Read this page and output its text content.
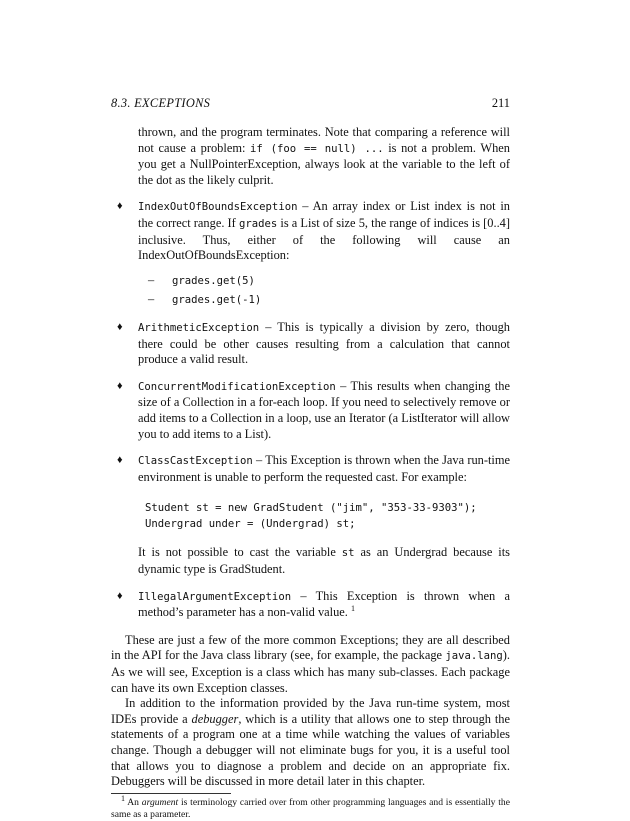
8.3. EXCEPTIONS	211

thrown, and the program terminates. Note that comparing a reference will not cause a problem: if (foo == null) ... is not a problem. When you get a NullPointerException, always look at the variable to the left of the dot as the likely culprit.

♦ IndexOutOfBoundsException – An array index or List index is not in the correct range. If grades is a List of size 5, the range of indices is [0..4] inclusive. Thus, either of the following will cause an IndexOutOfBoundsException:

– grades.get(5)
– grades.get(-1)
♦ ArithmeticException – This is typically a division by zero, though there could be other causes resulting from a calculation that cannot produce a valid result.

♦ ConcurrentModificationException – This results when changing the size of a Collection in a for-each loop. If you need to selectively remove or add items to a Collection in a loop, use an Iterator (a ListIterator will allow you to add items to a List).

♦ ClassCastException – This Exception is thrown when the Java run-time environment is unable to perform the requested cast. For example:

Student st = new GradStudent ("jim", "353-33-9303");
Undergrad under = (Undergrad) st;

It is not possible to cast the variable st as an Undergrad because its dynamic type is GradStudent.

♦ IllegalArgumentException – This Exception is thrown when a method’s parameter has a non-valid value. $^1$

These are just a few of the more common Exceptions; they are all described in the API for the Java class library (see, for example, the package java.lang). As we will see, Exception is a class which has many sub-classes. Each package can have its own Exception classes.

In addition to the information provided by the Java run-time system, most IDEs provide a debugger, which is a utility that allows one to step through the statements of a program one at a time while watching the values of variables change. Though a debugger will not eliminate bugs for you, it is a useful tool that allows you to diagnose a problem and decide on an appropriate fix. Debuggers will be discussed in more detail later in this chapter.

$^1$ An argument is terminology carried over from other programming languages and is essentially the same as a parameter.
